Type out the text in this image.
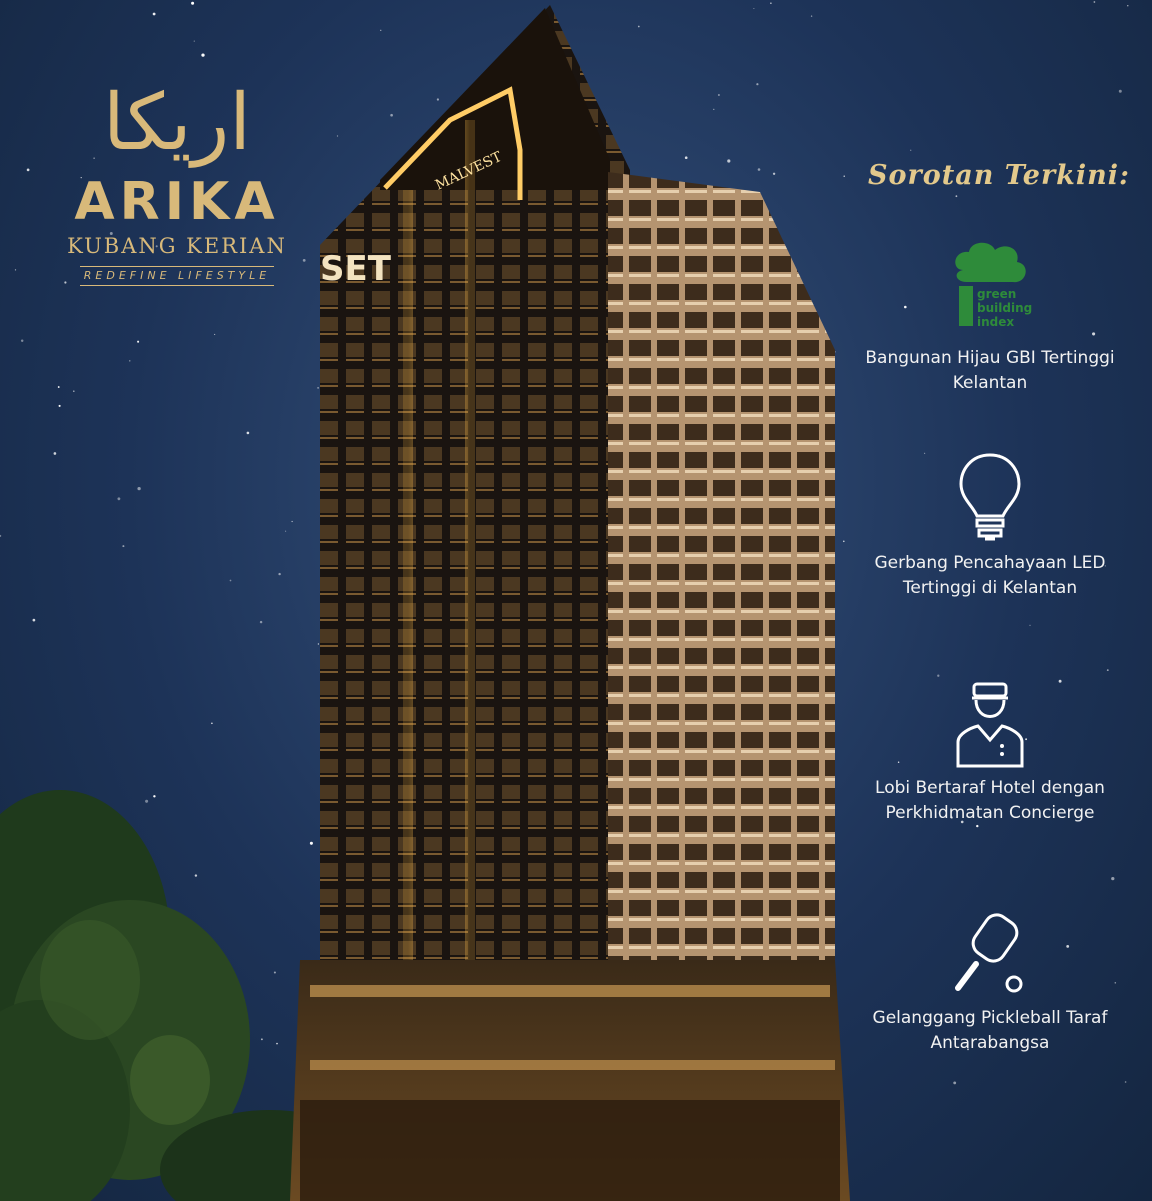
MALVEST
SET
اريكا
ARIKA
KUBANG KERIAN
REDEFINE LIFESTYLE
Sorotan Terkini:
green
building
index
Bangunan Hijau GBI Tertinggi Kelantan
Gerbang Pencahayaan LED Tertinggi di Kelantan
Lobi Bertaraf Hotel dengan Perkhidmatan Concierge
Gelanggang Pickleball Taraf Antarabangsa
